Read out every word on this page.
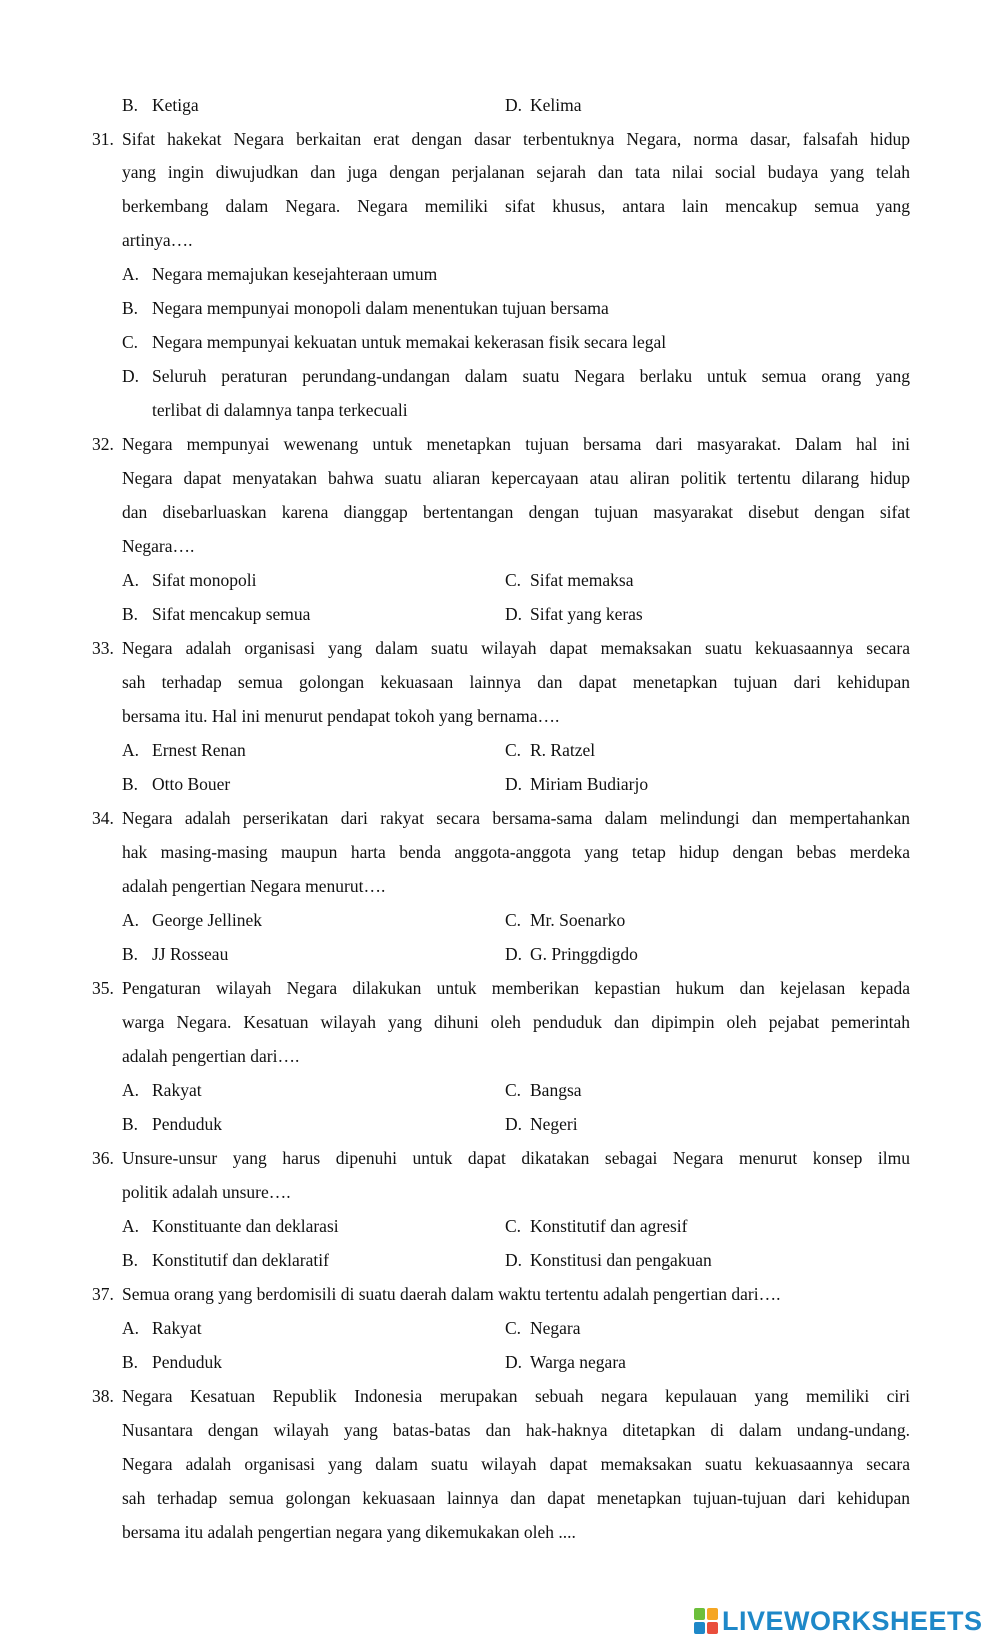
B. Ketiga	D. Kelima
31. Sifat hakekat Negara berkaitan erat dengan dasar terbentuknya Negara, norma dasar, falsafah hidup
yang ingin diwujudkan dan juga dengan perjalanan sejarah dan tata nilai social budaya yang telah
berkembang dalam Negara. Negara memiliki sifat khusus, antara lain mencakup semua yang
artinya….
A. Negara memajukan kesejahteraan umum
B. Negara mempunyai monopoli dalam menentukan tujuan bersama
C. Negara mempunyai kekuatan untuk memakai kekerasan fisik secara legal
D. Seluruh peraturan perundang-undangan dalam suatu Negara berlaku untuk semua orang yang
terlibat di dalamnya tanpa terkecuali
32. Negara mempunyai wewenang untuk menetapkan tujuan bersama dari masyarakat. Dalam hal ini
Negara dapat menyatakan bahwa suatu aliaran kepercayaan atau aliran politik tertentu dilarang hidup
dan disebarluaskan karena dianggap bertentangan dengan tujuan masyarakat disebut dengan sifat
Negara….
A. Sifat monopoli	C. Sifat memaksa
B. Sifat mencakup semua	D. Sifat yang keras
33. Negara adalah organisasi yang dalam suatu wilayah dapat memaksakan suatu kekuasaannya secara
sah terhadap semua golongan kekuasaan lainnya dan dapat menetapkan tujuan dari kehidupan
bersama itu. Hal ini menurut pendapat tokoh yang bernama….
A. Ernest Renan	C. R. Ratzel
B. Otto Bouer	D. Miriam Budiarjo
34. Negara adalah perserikatan dari rakyat secara bersama-sama dalam melindungi dan mempertahankan
hak masing-masing maupun harta benda anggota-anggota yang tetap hidup dengan bebas merdeka
adalah pengertian Negara menurut….
A. George Jellinek	C. Mr. Soenarko
B. JJ Rosseau	D. G. Pringgdigdo
35. Pengaturan wilayah Negara dilakukan untuk memberikan kepastian hukum dan kejelasan kepada
warga Negara. Kesatuan wilayah yang dihuni oleh penduduk dan dipimpin oleh pejabat pemerintah
adalah pengertian dari….
A. Rakyat	C. Bangsa
B. Penduduk	D. Negeri
36. Unsure-unsur yang harus dipenuhi untuk dapat dikatakan sebagai Negara menurut konsep ilmu
politik adalah unsure….
A. Konstituante dan deklarasi	C. Konstitutif dan agresif
B. Konstitutif dan deklaratif	D. Konstitusi dan pengakuan
37. Semua orang yang berdomisili di suatu daerah dalam waktu tertentu adalah pengertian dari….
A. Rakyat	C. Negara
B. Penduduk	D. Warga negara
38. Negara Kesatuan Republik Indonesia merupakan sebuah negara kepulauan yang memiliki ciri
Nusantara dengan wilayah yang batas-batas dan hak-haknya ditetapkan di dalam undang-undang.
Negara adalah organisasi yang dalam suatu wilayah dapat memaksakan suatu kekuasaannya secara
sah terhadap semua golongan kekuasaan lainnya dan dapat menetapkan tujuan-tujuan dari kehidupan
bersama itu adalah pengertian negara yang dikemukakan oleh ....
LIVEWORKSHEETS
